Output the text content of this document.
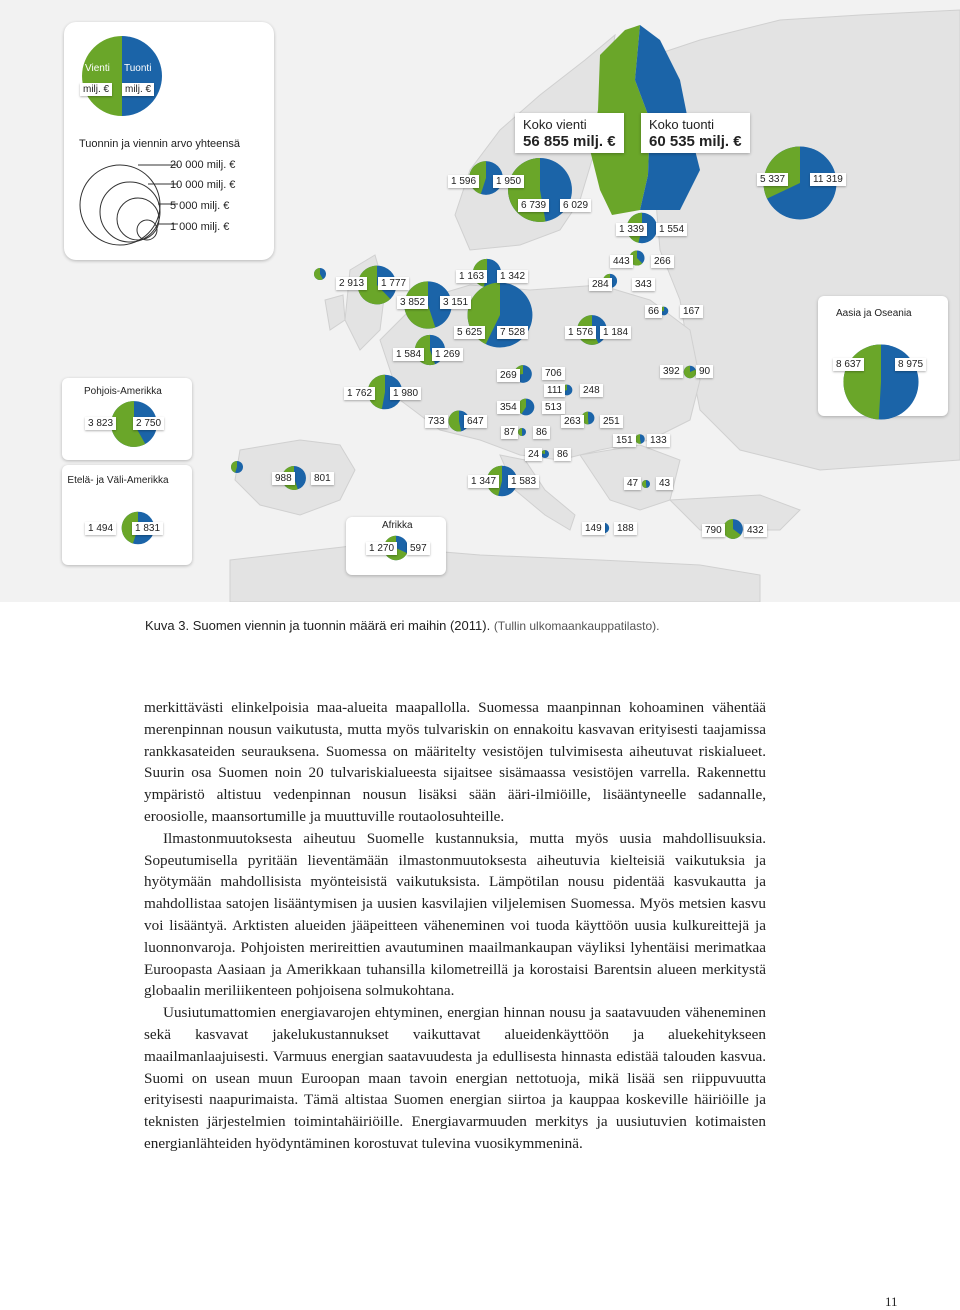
Vienti Tuonti
milj. €	milj. €
Tuonnin ja viennin arvo yhteensä
20 000 milj. €
10 000 milj. €
5 000 milj. €
1 000 milj. €
Koko vienti
56 855 milj. €
Koko tuonti
60 535 milj. €
Pohjois-Amerikka
Etelä- ja Väli-Amerikka
Afrikka
Aasia ja Oseania
6 739	6 029
1 596	1 950
1 339	1 554
443	266
284	343
66	167
5 337	11 319
1 163	1 342
2 913	1 777
3 852	3 151
5 625	7 528	1 576 1 184
1 584	1 269
1 762	1 980
392	90
269	706
111	248
354	513
263	251
733	647
87	86
151	133
24	86
988	801	1 347	1 583	47	43
149	188	790	432
8 637	8 975
3 823	2 750
1 494	1 831
1 270	597
Kuva 3. Suomen viennin ja tuonnin määrä eri maihin (2011). (Tullin ulkomaankauppatilasto).

merkittävästi elinkelpoisia maa-alueita maapallolla. Suomessa maanpinnan kohoaminen vähentää merenpinnan nousun vaikutusta, mutta myös tulvariskin on ennakoitu kasvavan erityisesti taajamissa rankkasateiden seurauksena. Suomessa on määritelty vesistöjen tulvimisesta aiheutuvat riskialueet. Suurin osa Suomen noin 20 tulvariskialueesta sijaitsee sisämaassa vesistöjen varrella. Rakennettu ympäristö altistuu vedenpinnan nousun lisäksi sään ääri-ilmiöille, lisääntyneelle sadannalle, eroosiolle, maansortumille ja muuttuville routaolosuhteille.

Ilmastonmuutoksesta aiheutuu Suomelle kustannuksia, mutta myös uusia mahdollisuuksia. Sopeutumisella pyritään lieventämään ilmastonmuutoksesta aiheutuvia kielteisiä vaikutuksia ja hyötymään mahdollisista myönteisistä vaikutuksista. Lämpötilan nousu pidentää kasvukautta ja mahdollistaa satojen lisääntymisen ja uusien kasvilajien viljelemisen Suomessa. Myös metsien kasvu voi lisääntyä. Arktisten alueiden jääpeitteen väheneminen voi tuoda käyttöön uusia kulkureittejä ja luonnonvaroja. Pohjoisten merireittien avautuminen maailmankaupan väyliksi lyhentäisi merimatkaa Euroopasta Aasiaan ja Amerikkaan tuhansilla kilometreillä ja korostaisi Barentsin alueen merkitystä globaalin meriliikenteen pohjoisena solmukohtana.

Uusiutumattomien energiavarojen ehtyminen, energian hinnan nousu ja saatavuuden väheneminen sekä kasvavat jakelukustannukset vaikuttavat alueidenkäyttöön ja aluekehitykseen maailmanlaajuisesti. Varmuus energian saatavuudesta ja edullisesta hinnasta edistää talouden kasvua. Suomi on usean muun Euroopan maan tavoin energian nettotuoja, mikä lisää sen riippuvuutta erityisesti naapurimaista. Tämä altistaa Suomen energian siirtoa ja kauppaa koskeville häiriöille ja teknisten järjestelmien toimintahäiriöille. Energiavarmuuden merkitys ja uusiutuvien kotimaisten energianlähteiden hyödyntäminen korostuvat tulevina vuosikymmeninä.

11
